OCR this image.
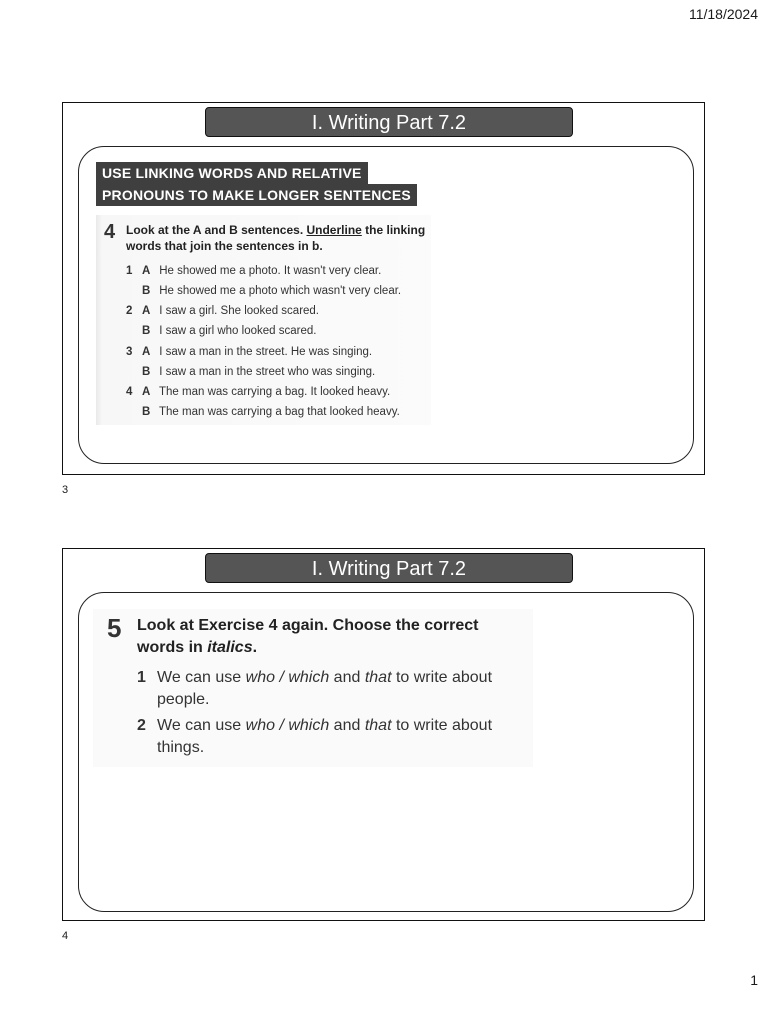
11/18/2024
I. Writing Part 7.2
USE LINKING WORDS AND RELATIVE
PRONOUNS TO MAKE LONGER SENTENCES
4 Look at the A and B sentences. Underline the linking words that join the sentences in b.
1 A He showed me a photo. It wasn't very clear.
B He showed me a photo which wasn't very clear.
2 A I saw a girl. She looked scared.
B I saw a girl who looked scared.
3 A I saw a man in the street. He was singing.
B I saw a man in the street who was singing.
4 A The man was carrying a bag. It looked heavy.
B The man was carrying a bag that looked heavy.
3
I. Writing Part 7.2
5 Look at Exercise 4 again. Choose the correct words in italics.
1 We can use who / which and that to write about people.
2 We can use who / which and that to write about things.
4
1
